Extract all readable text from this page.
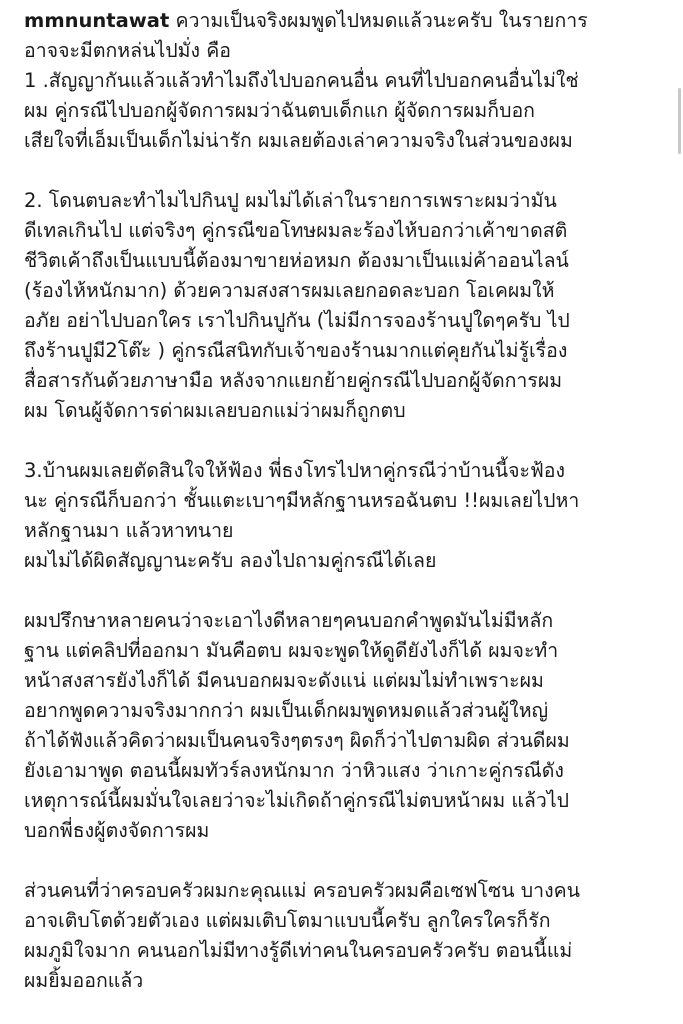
mmnuntawat ความเป็นจริงผมพูดไปหมดแล้วนะครับ ในรายการ
อาจจะมีตกหล่นไปมั่ง คือ
1 .สัญญากันแล้วแล้วทำไมถึงไปบอกคนอื่น คนที่ไปบอกคนอื่นไม่ใช่
ผม คู่กรณีไปบอกผู้จัดการผมว่าฉันตบเด็กแก ผู้จัดการผมก็บอก
เสียใจที่เอ็มเป็นเด็กไม่น่ารัก ผมเลยต้องเล่าความจริงในส่วนของผม
2. โดนตบละทำไมไปกินปู ผมไม่ได้เล่าในรายการเพราะผมว่ามัน
ดีเทลเกินไป แต่จริงๆ คู่กรณีขอโทษผมละร้องไห้บอกว่าเค้าขาดสติ
ชีวิตเค้าถึงเป็นแบบนี้ต้องมาขายห่อหมก ต้องมาเป็นแม่ค้าออนไลน์
(ร้องไห้หนักมาก) ด้วยความสงสารผมเลยกอดละบอก โอเคผมให้
อภัย อย่าไปบอกใคร เราไปกินปูกัน (ไม่มีการจองร้านปูใดๆครับ ไป
ถึงร้านปูมี2โต๊ะ ) คู่กรณีสนิทกับเจ้าของร้านมากแต่คุยกันไม่รู้เรื่อง
สื่อสารกันด้วยภาษามือ หลังจากแยกย้ายคู่กรณีไปบอกผู้จัดการผม
ผม โดนผู้จัดการด่าผมเลยบอกแม่ว่าผมก็ถูกตบ
3.บ้านผมเลยตัดสินใจให้ฟ้อง พี่ธงโทรไปหาคู่กรณีว่าบ้านนี้จะฟ้อง
นะ คู่กรณีก็บอกว่า ชั้นแตะเบาๆมีหลักฐานหรอฉันตบ !!ผมเลยไปหา
หลักฐานมา แล้วหาทนาย
ผมไม่ได้ผิดสัญญานะครับ ลองไปถามคู่กรณีได้เลย
ผมปรึกษาหลายคนว่าจะเอาไงดีหลายๆคนบอกคำพูดมันไม่มีหลัก
ฐาน แต่คลิปที่ออกมา มันคือตบ ผมจะพูดให้ดูดียังไงก็ได้ ผมจะทำ
หน้าสงสารยังไงก็ได้ มีคนบอกผมจะดังแน่ แต่ผมไม่ทำเพราะผม
อยากพูดความจริงมากกว่า ผมเป็นเด็กผมพูดหมดแล้วส่วนผู้ใหญ่
ถ้าได้ฟังแล้วคิดว่าผมเป็นคนจริงๆตรงๆ ผิดก็ว่าไปตามผิด ส่วนดีผม
ยังเอามาพูด ตอนนี้ผมทัวร์ลงหนักมาก ว่าหิวแสง ว่าเกาะคู่กรณีดัง
เหตุการณ์นี้ผมมั่นใจเลยว่าจะไม่เกิดถ้าคู่กรณีไม่ตบหน้าผม แล้วไป
บอกพี่ธงผู้ตงจัดการผม
ส่วนคนที่ว่าครอบครัวผมกะคุณแม่ ครอบครัวผมคือเซฟโซน บางคน
อาจเติบโตด้วยตัวเอง แต่ผมเติบโตมาแบบนี้ครับ ลูกใครใครก็รัก
ผมภูมิใจมาก คนนอกไม่มีทางรู้ดีเท่าคนในครอบครัวครับ ตอนนี้แม่
ผมยิ้มออกแล้ว
